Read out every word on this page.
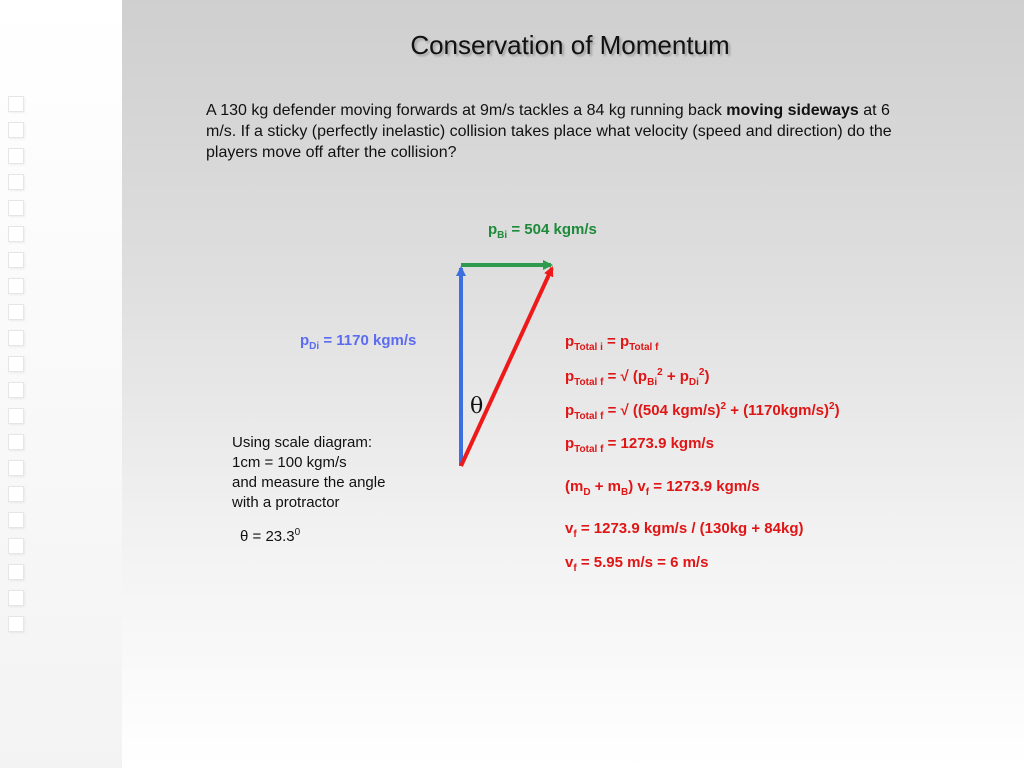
Conservation of Momentum
A 130 kg defender moving forwards at 9m/s tackles a 84 kg running back moving sideways at 6 m/s. If a sticky (perfectly inelastic) collision takes place what velocity (speed and direction) do the players move off after the collision?
$p_{Bi} = 504$ kgm/s
$p_{Di} = 1170$ kgm/s
θ
Using scale diagram:
1cm = 100 kgm/s
and measure the angle
with a protractor
$\theta = 23.3^0$
$p_{Total i} = p_{Total f}$
$p_{Total f}$ = √ $(p_{Bi}^2 + p_{Di}^2)$
$p_{Total f}$ = √ ((504 $kgm/s)^2 + (1170kgm/s)^2$)
$p_{Total f} = 1273.9$ kgm/s
$(m_D + m_B) v_f = 1273.9$ kgm/s
$v_f = 1273.9$ kgm/s / (130kg + 84kg)
$v_f = 5.95$ m/s = 6 m/s
